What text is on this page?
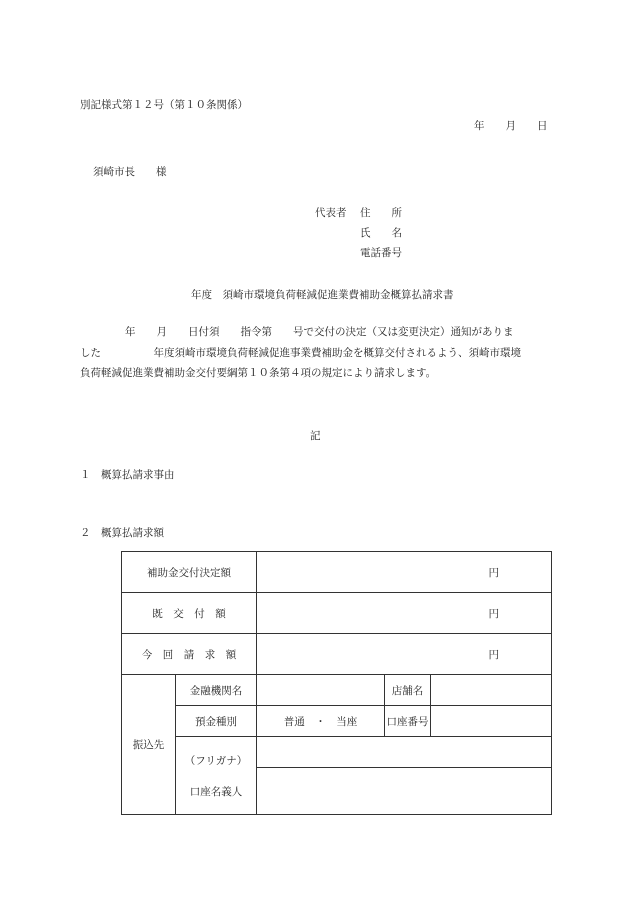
別記様式第１２号（第１０条関係）
年　　月　　日
須崎市長　　様
代表者 住　　所
氏　　名
電話番号
年度　須崎市環境負荷軽減促進業費補助金概算払請求書
年　　月　　日付須　　指令第　　号で交付の決定（又は変更決定）通知がありま
した　　　　　年度須崎市環境負荷軽減促進事業費補助金を概算交付されるよう、須崎市環境
負荷軽減促進業費補助金交付要綱第１０条第４項の規定により請求します。
記
１　概算払請求事由
２　概算払請求額
補助金交付決定額		円		
既　交　付　額		円		
今　回　請　求　額		円		
振込先	金融機関名		店舗名	
	預金種別	普通　・　当座	口座番号	

	（フリガナ）
口座名義人			
